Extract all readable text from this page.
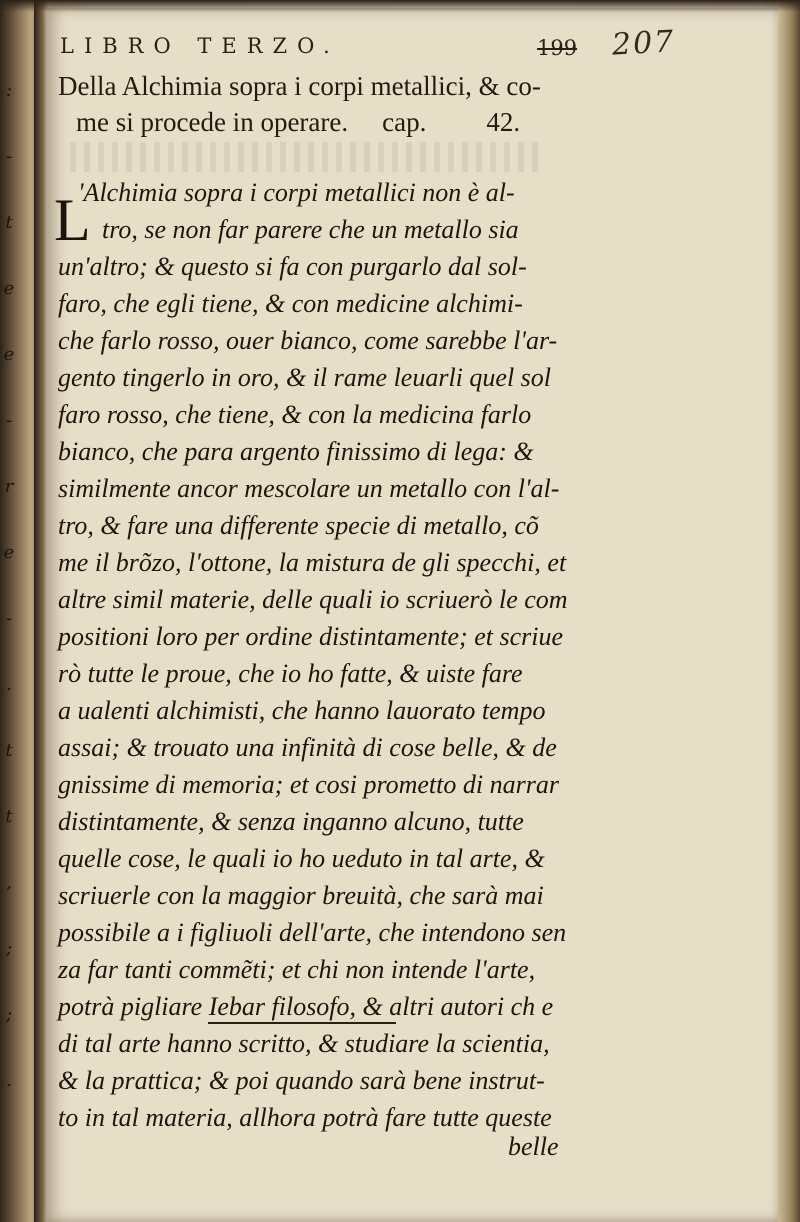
:
-
t
e
e
-
r
e
-
.
t
t
,
;
;
.
LIBRO TERZO.	199 207
Della Alchimia sopra i corpi metallici, & co-
me si procede in operare. cap. 42.
L
'Alchimia sopra i corpi metallici non è al-
tro, se non far parere che un metallo sia
un'altro; & questo si fa con purgarlo dal sol-
faro, che egli tiene, & con medicine alchimi-
che farlo rosso, ouer bianco, come sarebbe l'ar-
gento tingerlo in oro, & il rame leuarli quel sol
faro rosso, che tiene, & con la medicina farlo
bianco, che para argento finissimo di lega: &
similmente ancor mescolare un metallo con l'al-
tro, & fare una differente specie di metallo, cõ
me il brõzo, l'ottone, la mistura de gli specchi, et
altre simil materie, delle quali io scriuerò le com
positioni loro per ordine distintamente; et scriue
rò tutte le proue, che io ho fatte, & uiste fare
a ualenti alchimisti, che hanno lauorato tempo
assai; & trouato una infinità di cose belle, & de
gnissime di memoria; et cosi prometto di narrar
distintamente, & senza inganno alcuno, tutte
quelle cose, le quali io ho ueduto in tal arte, &
scriuerle con la maggior breuità, che sarà mai
possibile a i figliuoli dell'arte, che intendono sen
za far tanti commẽti; et chi non intende l'arte,
potrà pigliare Iebar filosofo, & altri autori ch e
di tal arte hanno scritto, & studiare la scientia,
& la prattica; & poi quando sarà bene instrut-
to in tal materia, allhora potrà fare tutte queste
belle
